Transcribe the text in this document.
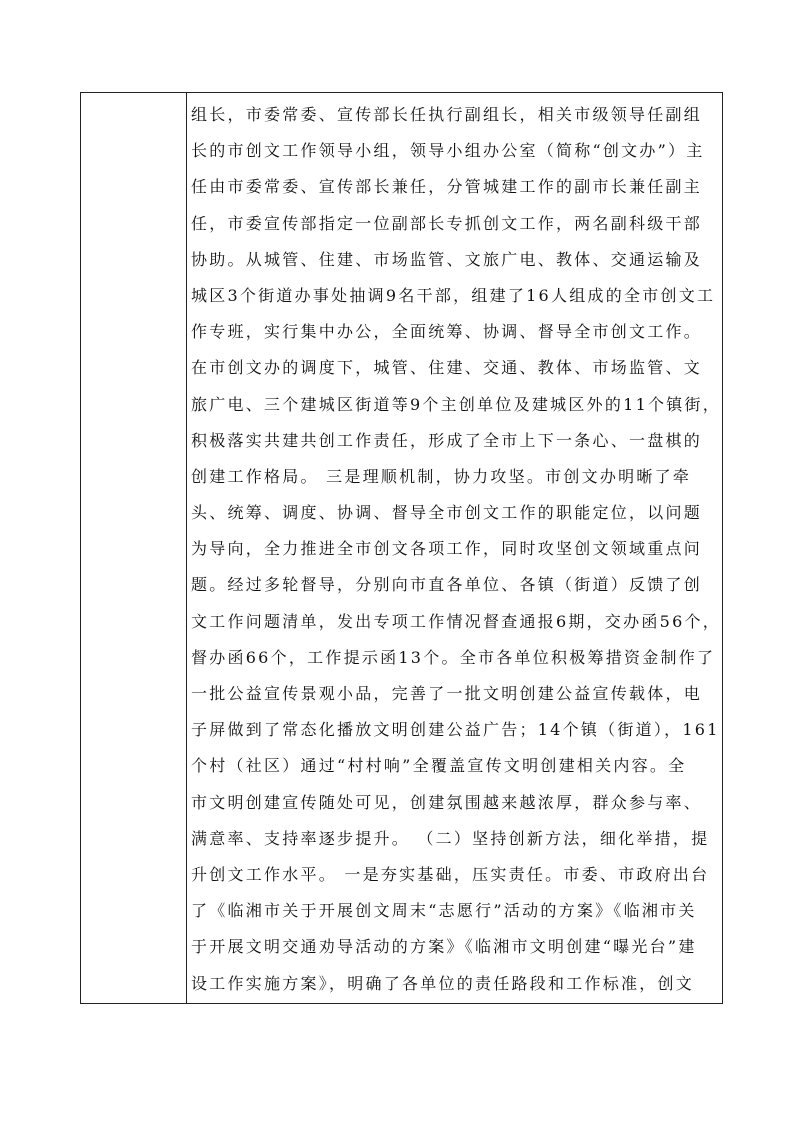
组长，市委常委、宣传部长任执行副组长，相关市级领导任副组
长的市创文工作领导小组，领导小组办公室（简称“创文办”）主
任由市委常委、宣传部长兼任，分管城建工作的副市长兼任副主
任，市委宣传部指定一位副部长专抓创文工作，两名副科级干部
协助。从城管、住建、市场监管、文旅广电、教体、交通运输及
城区3个街道办事处抽调9名干部，组建了16人组成的全市创文工
作专班，实行集中办公，全面统筹、协调、督导全市创文工作。
在市创文办的调度下，城管、住建、交通、教体、市场监管、文
旅广电、三个建城区街道等9个主创单位及建城区外的11个镇街，
积极落实共建共创工作责任，形成了全市上下一条心、一盘棋的
创建工作格局。 三是理顺机制，协力攻坚。市创文办明晰了牵
头、统筹、调度、协调、督导全市创文工作的职能定位，以问题
为导向，全力推进全市创文各项工作，同时攻坚创文领域重点问
题。经过多轮督导，分别向市直各单位、各镇（街道）反馈了创
文工作问题清单，发出专项工作情况督查通报6期，交办函56个，
督办函66个，工作提示函13个。全市各单位积极筹措资金制作了
一批公益宣传景观小品，完善了一批文明创建公益宣传载体，电
子屏做到了常态化播放文明创建公益广告；14个镇（街道），161
个村（社区）通过“村村响”全覆盖宣传文明创建相关内容。全
市文明创建宣传随处可见，创建氛围越来越浓厚，群众参与率、
满意率、支持率逐步提升。 （二）坚持创新方法，细化举措，提
升创文工作水平。 一是夯实基础，压实责任。市委、市政府出台
了《临湘市关于开展创文周末“志愿行”活动的方案》《临湘市关
于开展文明交通劝导活动的方案》《临湘市文明创建“曝光台”建
设工作实施方案》，明确了各单位的责任路段和工作标准，创文
